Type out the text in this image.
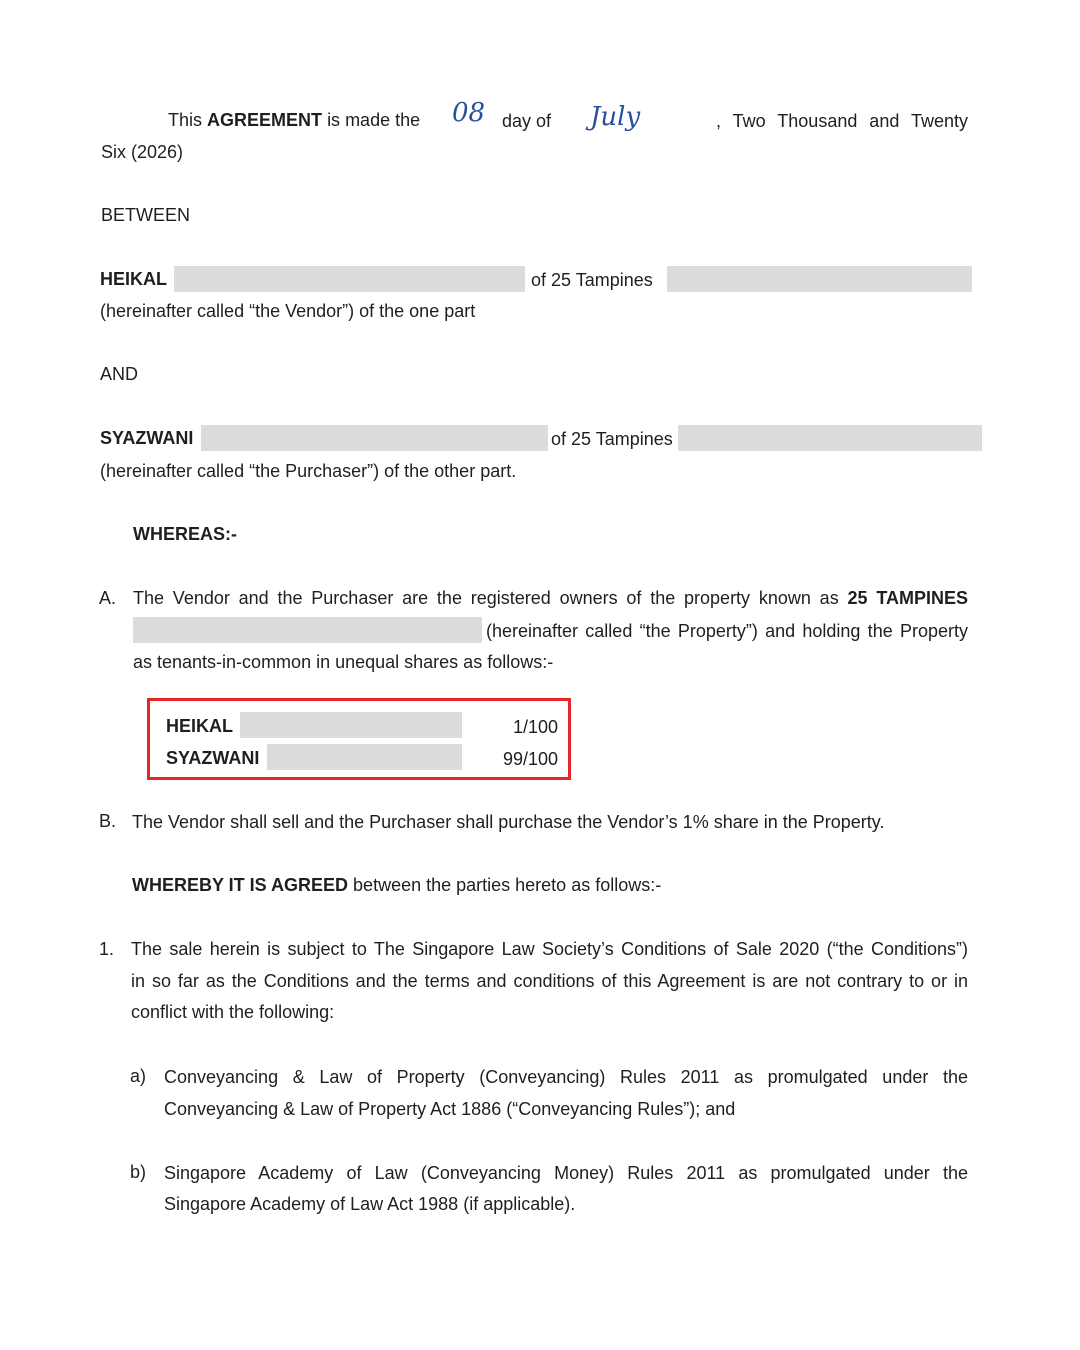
This AGREEMENT is made the 08 day of July	, Two Thousand and Twenty
Six (2026)
BETWEEN
HEIKAL	of 25 Tampines
(hereinafter called “the Vendor”) of the one part
AND
SYAZWANI	of 25 Tampines
(hereinafter called “the Purchaser”) of the other part.
WHEREAS:-
A. The Vendor and the Purchaser are the registered owners of the property known as 25 TAMPINES
(hereinafter called “the Property”) and holding the Property
as tenants-in-common in unequal shares as follows:-
HEIKAL	1/100
SYAZWANI	99/100
B. The Vendor shall sell and the Purchaser shall purchase the Vendor’s 1% share in the Property.
WHEREBY IT IS AGREED between the parties hereto as follows:-
1. The sale herein is subject to The Singapore Law Society’s Conditions of Sale 2020 (“the Conditions”)
in so far as the Conditions and the terms and conditions of this Agreement is are not contrary to or in
conflict with the following:
a) Conveyancing & Law of Property (Conveyancing) Rules 2011 as promulgated under the
Conveyancing & Law of Property Act 1886 (“Conveyancing Rules”); and
b) Singapore Academy of Law (Conveyancing Money) Rules 2011 as promulgated under the
Singapore Academy of Law Act 1988 (if applicable).
